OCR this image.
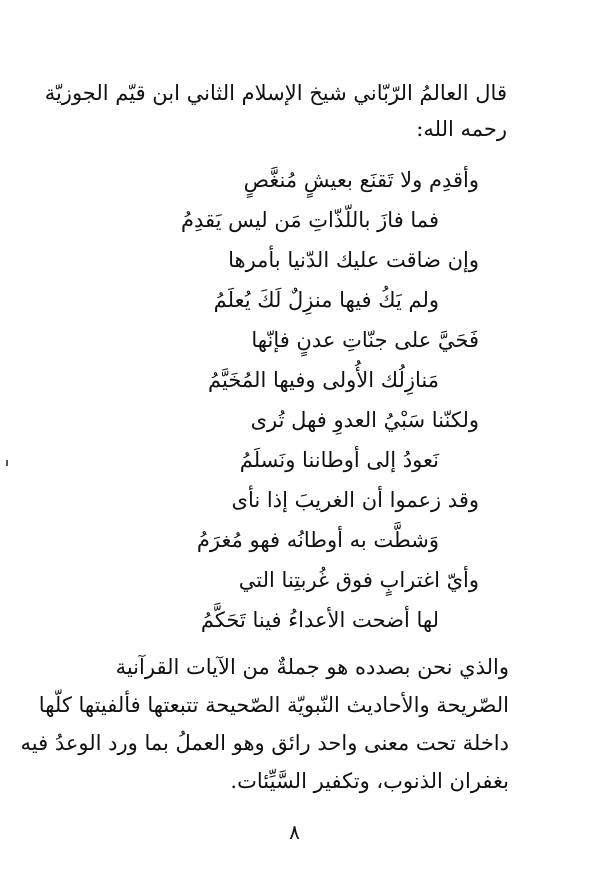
قال العالمُ الرّبّاني شيخ الإسلام الثاني ابن قيّم الجوزيّة
رحمه الله:
وأقدِم ولا تَقنَع بعيشٍ مُنغَّصٍ
فما فازَ باللّذّاتِ مَن ليس يَقدِمُ
وإن ضاقت عليك الدّنيا بأمرها
ولم يَكُ فيها منزِلٌ لَكَ يُعلَمُ
فَحَيَّ على جنّاتِ عدنٍ فإنّها
مَنازِلُك الأُولى وفيها المُخَيَّمُ
ولكنّنا سَبْيُ العدوِ فهل تُرى
نَعودُ إلى أوطاننا ونَسلَمُ
وقد زعموا أن الغريبَ إذا نأى
وَشطَّت به أوطانُه فهو مُغرَمُ
وأيّ اغترابٍ فوق غُربتِنا التي
لها أضحت الأعداءُ فينا تَحَكَّمُ
والذي نحن بصدده هو جملةٌ من الآيات القرآنية
الصّريحة والأحاديث النّبويّة الصّحيحة تتبعتها فألفيتها كلّها
داخلة تحت معنى واحد رائق وهو العملُ بما ورد الوعدُ فيه
بغفران الذنوب، وتكفير السَّيِّئات.
٨
